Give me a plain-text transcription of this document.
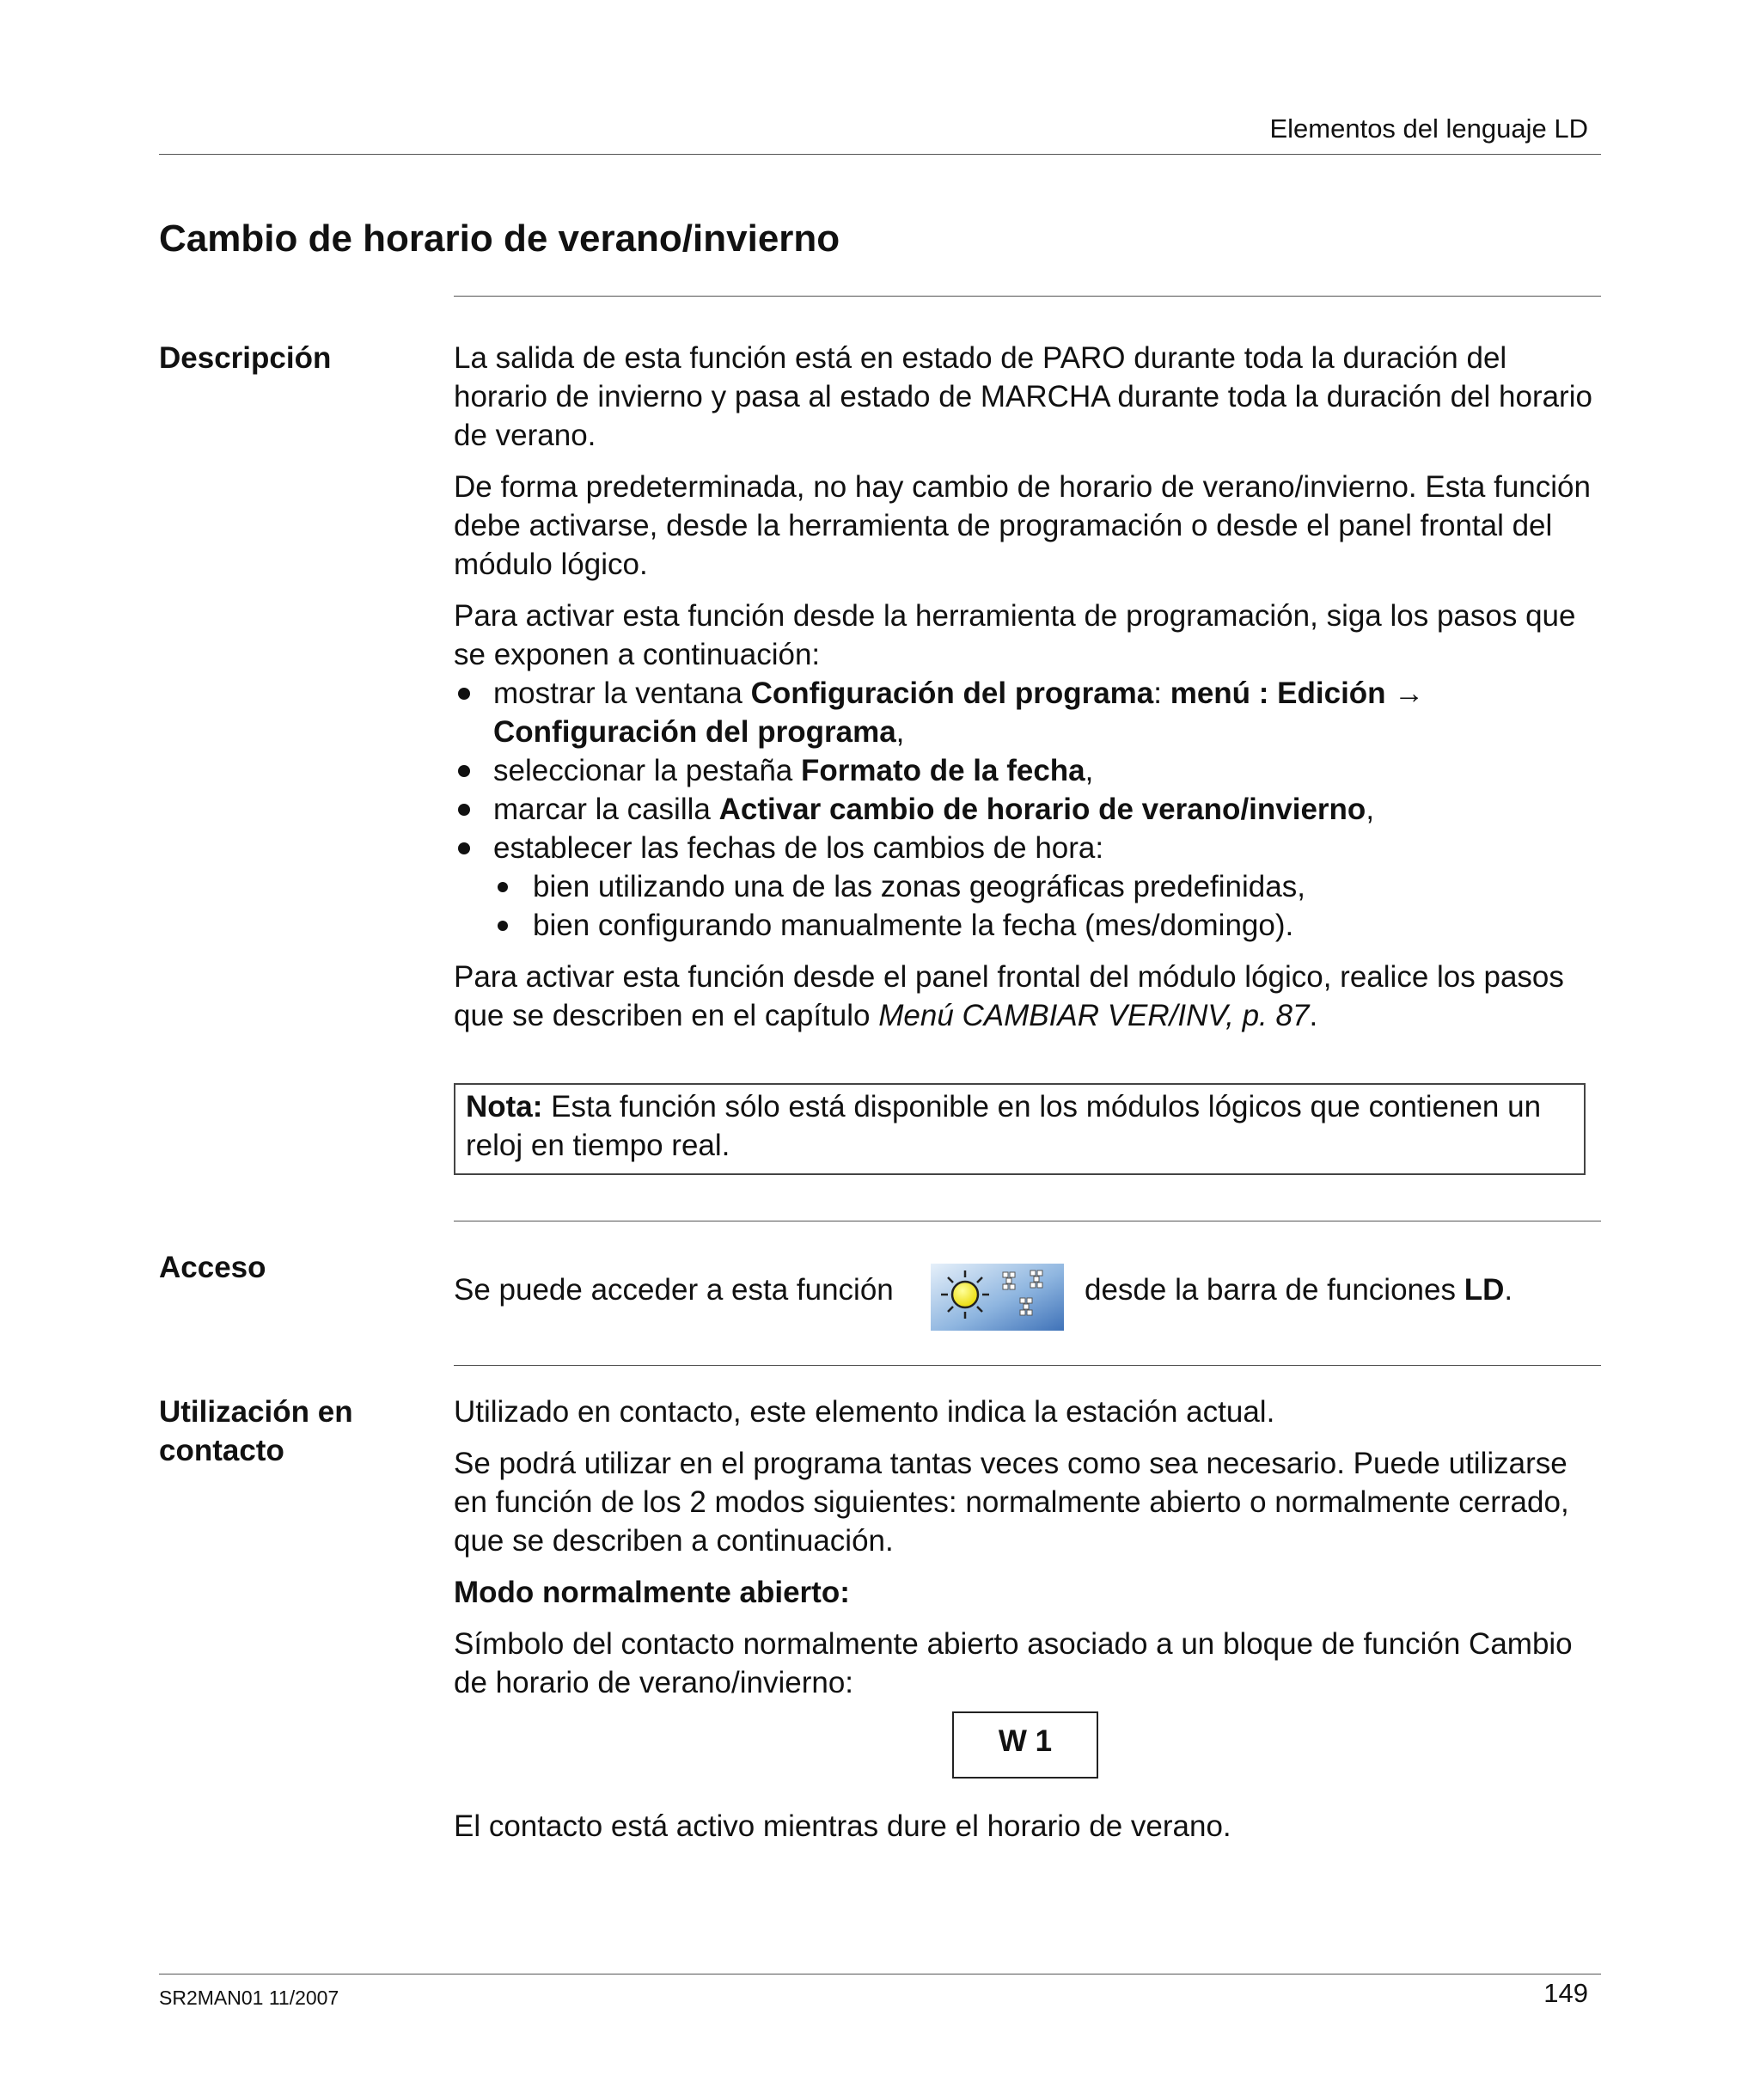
Elementos del lenguaje LD
Cambio de horario de verano/invierno
Descripción	La salida de esta función está en estado de PARO durante toda la duración del horario de invierno y pasa al estado de MARCHA durante toda la duración del horario de verano.

De forma predeterminada, no hay cambio de horario de verano/invierno. Esta función debe activarse, desde la herramienta de programación o desde el panel frontal del módulo lógico.

Para activar esta función desde la herramienta de programación, siga los pasos que se exponen a continuación:

mostrar la ventana Configuración del programa: menú : Edición → Configuración del programa,
seleccionar la pestaña Formato de la fecha,
marcar la casilla Activar cambio de horario de verano/invierno,
establecer las fechas de los cambios de hora:
bien utilizando una de las zonas geográficas predefinidas,
bien configurando manualmente la fecha (mes/domingo).

Para activar esta función desde el panel frontal del módulo lógico, realice los pasos que se describen en el capítulo Menú CAMBIAR VER/INV, p. 87.

Nota: Esta función sólo está disponible en los módulos lógicos que contienen un reloj en tiempo real.
Acceso
Se puede acceder a esta función	desde la barra de funciones LD.
Utilización en contacto

Utilizado en contacto, este elemento indica la estación actual.

Se podrá utilizar en el programa tantas veces como sea necesario. Puede utilizarse en función de los 2 modos siguientes: normalmente abierto o normalmente cerrado, que se describen a continuación.

Modo normalmente abierto:

Símbolo del contacto normalmente abierto asociado a un bloque de función Cambio de horario de verano/invierno:

W 1
El contacto está activo mientras dure el horario de verano.
SR2MAN01 11/2007	149
